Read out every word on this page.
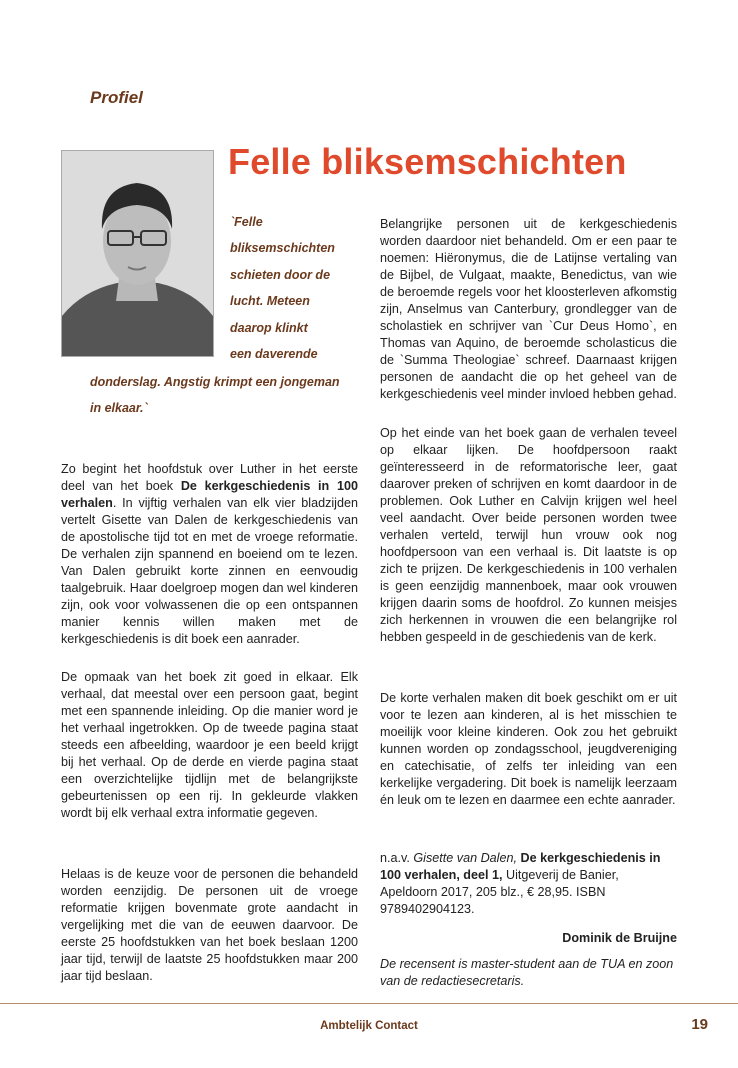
Profiel
Felle bliksemschichten
`Felle
bliksemschichten
schieten door de
lucht. Meteen
daarop klinkt
een daverende
donderslag. Angstig krimpt een jongeman
in elkaar.`

Zo begint het hoofdstuk over Luther in het eerste deel van het boek De kerkgeschiedenis in 100 verhalen. In vijftig verhalen van elk vier bladzijden vertelt Gisette van Dalen de kerkgeschiedenis van de apostolische tijd tot en met de vroege reformatie. De verhalen zijn spannend en boeiend om te lezen. Van Dalen gebruikt korte zinnen en eenvoudig taalgebruik. Haar doelgroep mogen dan wel kinderen zijn, ook voor volwassenen die op een ontspannen manier kennis willen maken met de kerkgeschiedenis is dit boek een aanrader.

De opmaak van het boek zit goed in elkaar. Elk verhaal, dat meestal over een persoon gaat, begint met een spannende inleiding. Op die manier word je het verhaal ingetrokken. Op de tweede pagina staat steeds een afbeelding, waardoor je een beeld krijgt bij het verhaal. Op de derde en vierde pagina staat een overzichtelijke tijdlijn met de belangrijkste gebeurtenissen op een rij. In gekleurde vlakken wordt bij elk verhaal extra informatie gegeven.

Helaas is de keuze voor de personen die behandeld worden eenzijdig. De personen uit de vroege reformatie krijgen bovenmate grote aandacht in vergelijking met die van de eeuwen daarvoor. De eerste 25 hoofdstukken van het boek beslaan 1200 jaar tijd, terwijl de laatste 25 hoofdstukken maar 200 jaar tijd beslaan.

Belangrijke personen uit de kerkgeschiedenis worden daardoor niet behandeld. Om er een paar te noemen: Hiëronymus, die de Latijnse vertaling van de Bijbel, de Vulgaat, maakte, Benedictus, van wie de beroemde regels voor het kloosterleven afkomstig zijn, Anselmus van Canterbury, grondlegger van de scholastiek en schrijver van `Cur Deus Homo`, en Thomas van Aquino, de beroemde scholasticus die de `Summa Theologiae` schreef. Daarnaast krijgen personen de aandacht die op het geheel van de kerkgeschiedenis veel minder invloed hebben gehad.

Op het einde van het boek gaan de verhalen teveel op elkaar lijken. De hoofdpersoon raakt geïnteresseerd in de reformatorische leer, gaat daarover preken of schrijven en komt daardoor in de problemen. Ook Luther en Calvijn krijgen wel heel veel aandacht. Over beide personen worden twee verhalen verteld, terwijl hun vrouw ook nog hoofdpersoon van een verhaal is. Dit laatste is op zich te prijzen. De kerkgeschiedenis in 100 verhalen is geen eenzijdig mannenboek, maar ook vrouwen krijgen daarin soms de hoofdrol. Zo kunnen meisjes zich herkennen in vrouwen die een belangrijke rol hebben gespeeld in de geschiedenis van de kerk.

De korte verhalen maken dit boek geschikt om er uit voor te lezen aan kinderen, al is het misschien te moeilijk voor kleine kinderen. Ook zou het gebruikt kunnen worden op zondagsschool, jeugdvereniging en catechisatie, of zelfs ter inleiding van een kerkelijke vergadering. Dit boek is namelijk leerzaam én leuk om te lezen en daarmee een echte aanrader.

n.a.v. Gisette van Dalen, De kerkgeschiedenis in 100 verhalen, deel 1, Uitgeverij de Banier, Apeldoorn 2017, 205 blz., € 28,95. ISBN 9789402904123.

Dominik de Bruijne
De recensent is master-student aan de TUA en zoon van de redactiesecretaris.
Ambtelijk Contact	19
